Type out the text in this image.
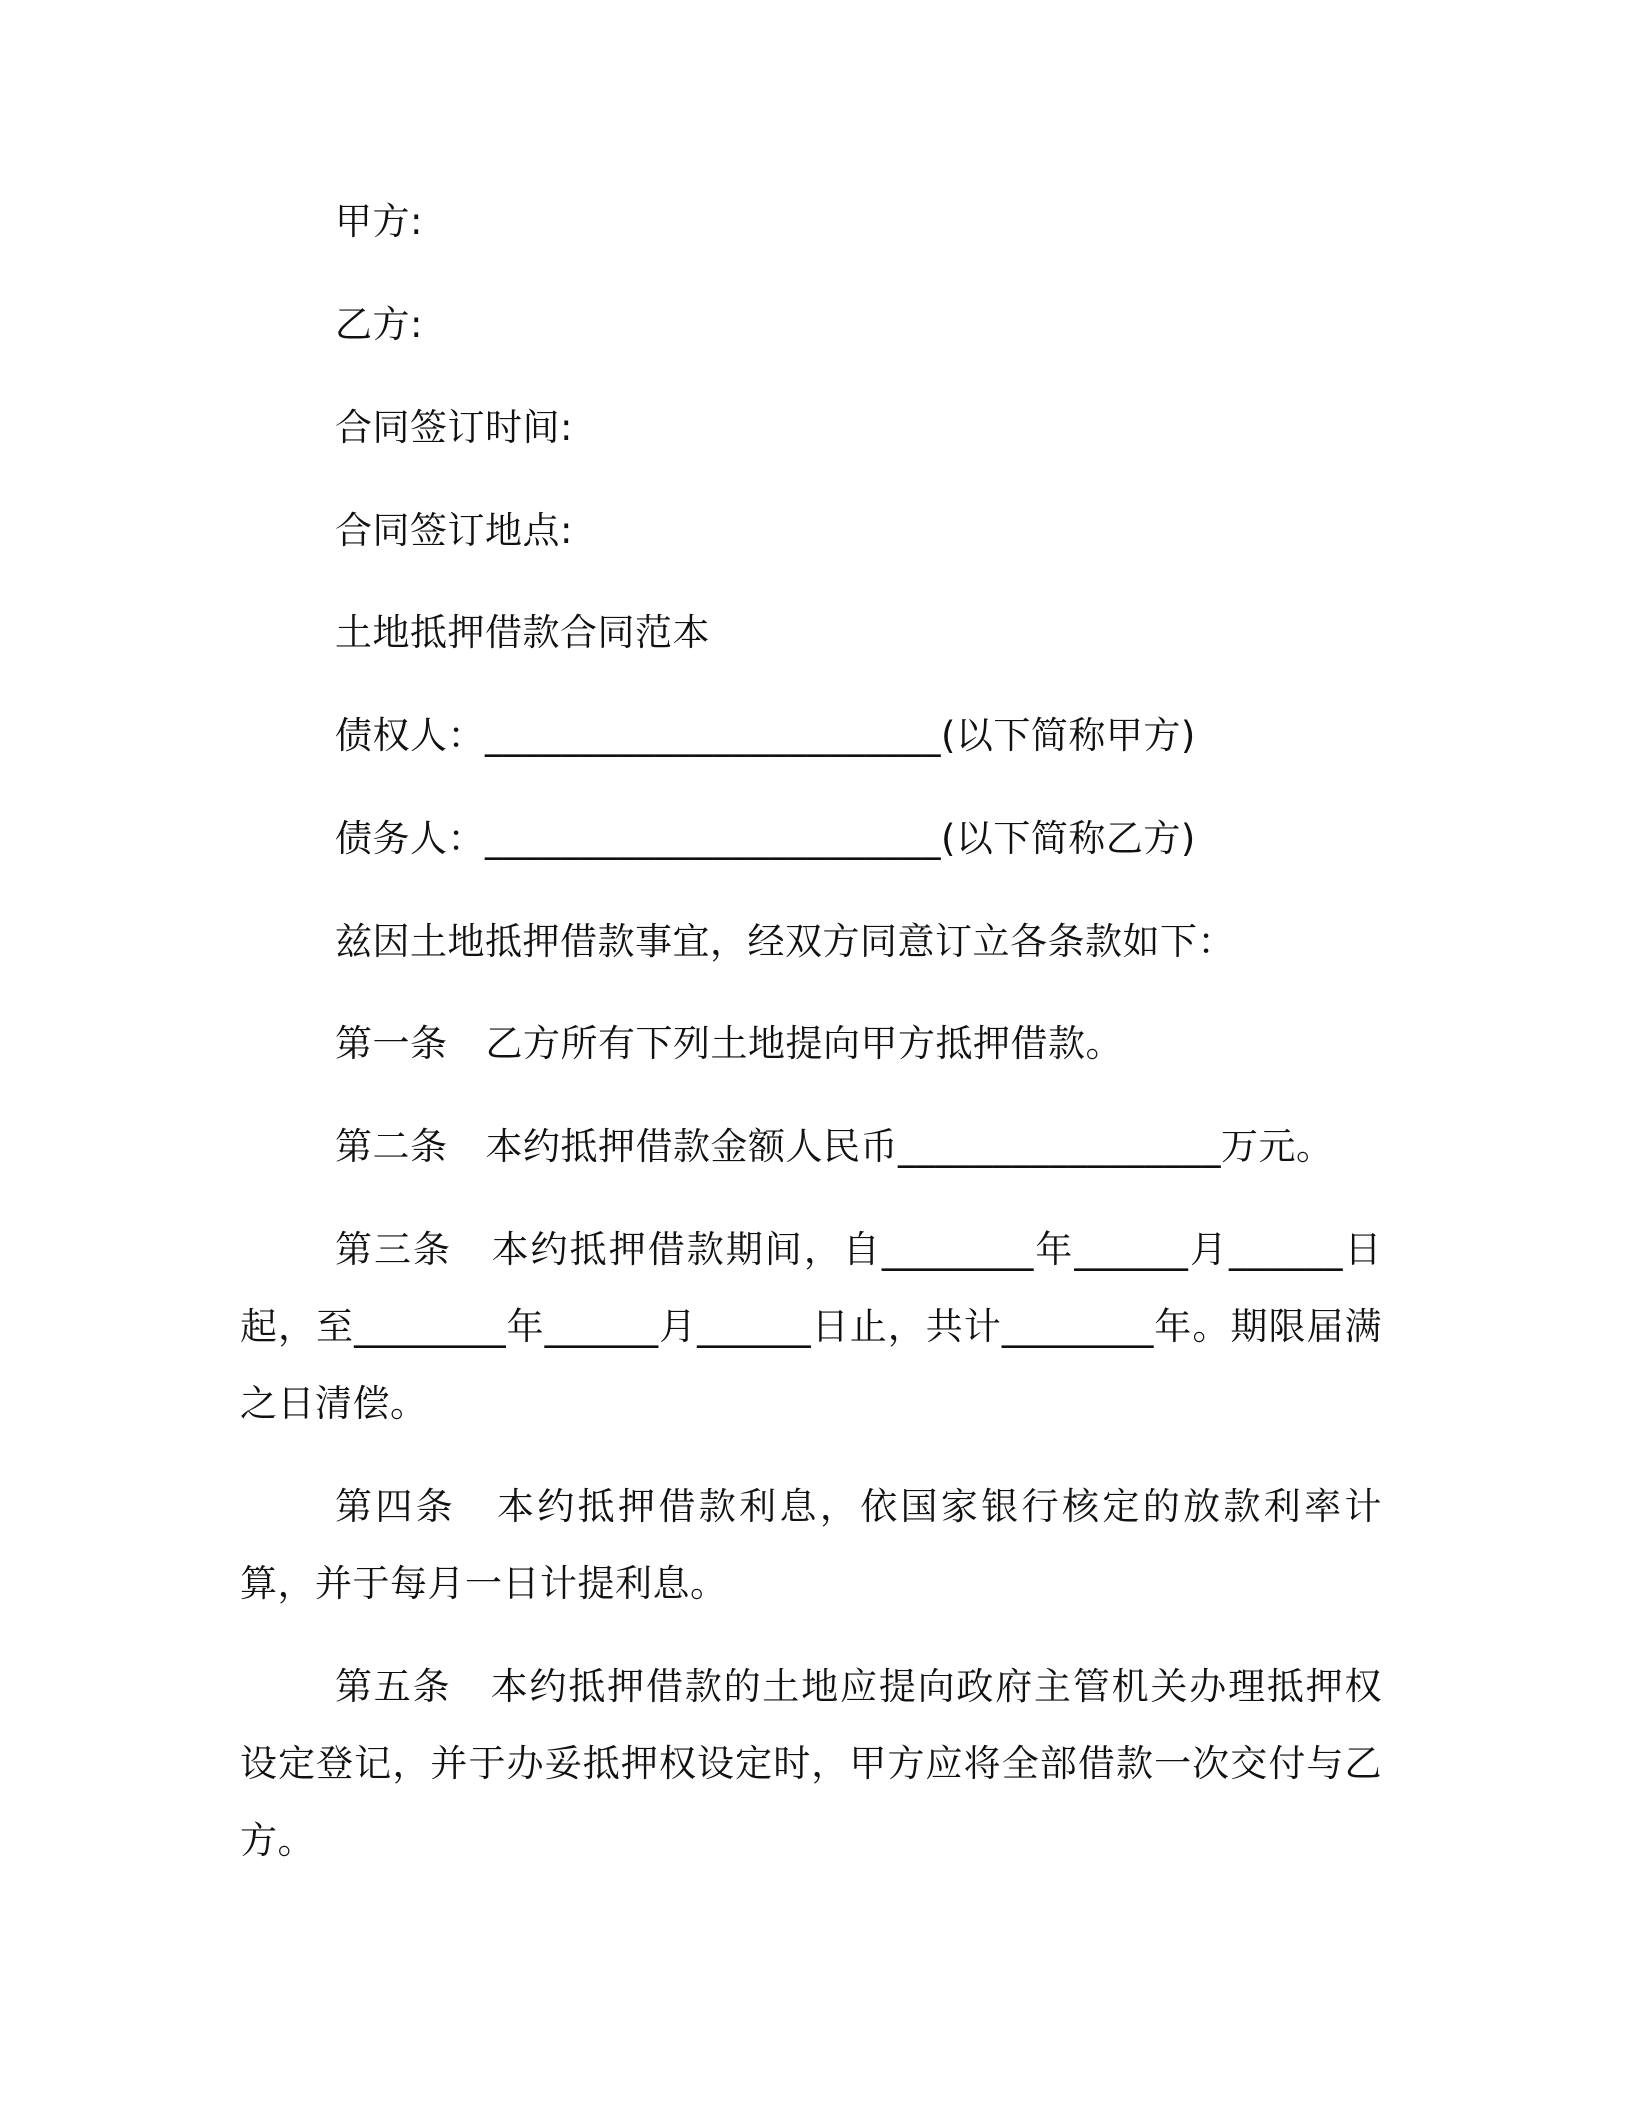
甲方:
乙方:
合同签订时间:
合同签订地点:
土地抵押借款合同范本
债权人：________________________(以下简称甲方)
债务人：________________________(以下简称乙方)
兹因土地抵押借款事宜，经双方同意订立各条款如下：
第一条 乙方所有下列土地提向甲方抵押借款。
第二条 本约抵押借款金额人民币_________________万元。
第三条 本约抵押借款期间，自________年______月______日起，至________年______月______日止，共计________年。期限届满之日清偿。
第四条 本约抵押借款利息，依国家银行核定的放款利率计算，并于每月一日计提利息。
第五条 本约抵押借款的土地应提向政府主管机关办理抵押权设定登记，并于办妥抵押权设定时，甲方应将全部借款一次交付与乙方。
